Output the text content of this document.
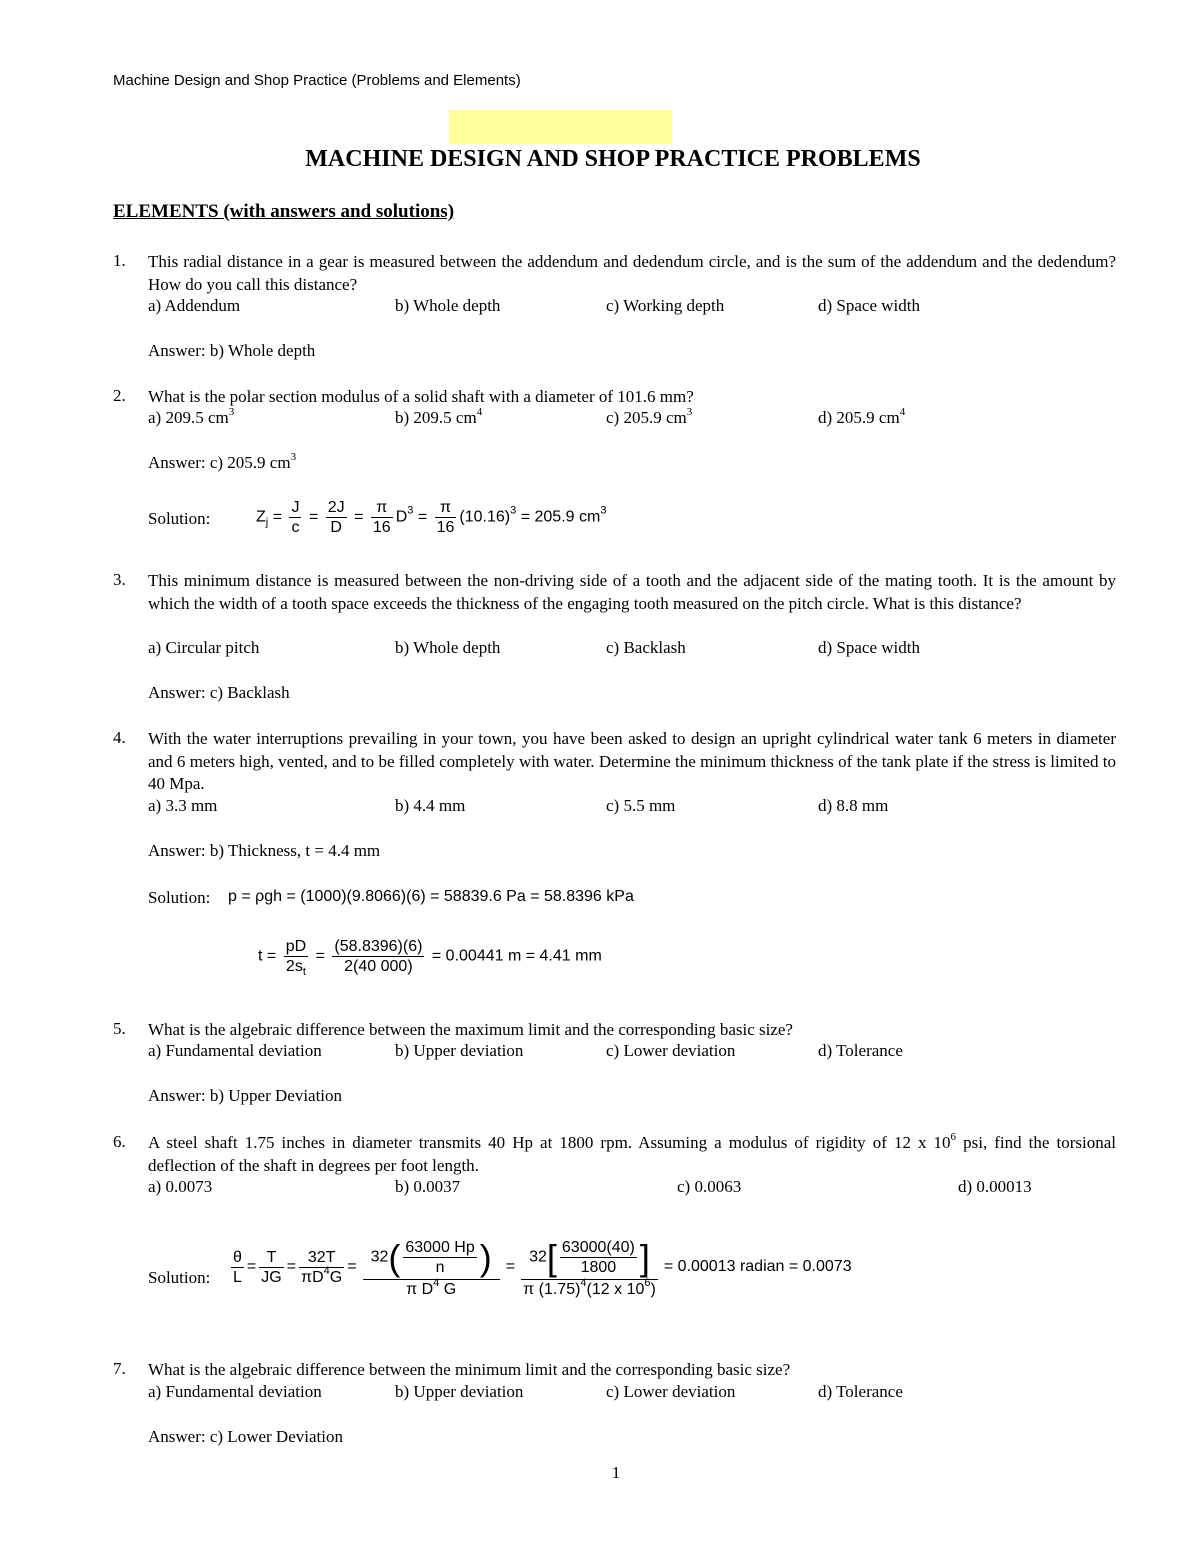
Machine Design and Shop Practice (Problems and Elements)
MACHINE DESIGN AND SHOP PRACTICE PROBLEMS
ELEMENTS (with answers and solutions)
1. This radial distance in a gear is measured between the addendum and dedendum circle, and is the sum of the addendum and the dedendum? How do you call this distance?
a) Addendum	b) Whole depth	c) Working depth	d) Space width
Answer: b) Whole depth
2. What is the polar section modulus of a solid shaft with a diameter of 101.6 mm?
a) 209.5 $cm^3$	b) 209.5 $cm^4$	c) 205.9 $cm^3$	d) 205.9 $cm^4$
Answer: c) 205.9 $cm^3$
Solution:	$Z_j = \frac{J}{c} = \frac{2J}{D} = \frac{\pi}{16} D^3 = \frac{\pi}{16} (10.16)^3 = 205.9$ $cm^3$
3. This minimum distance is measured between the non-driving side of a tooth and the adjacent side of the mating tooth. It is the amount by which the width of a tooth space exceeds the thickness of the engaging tooth measured on the pitch circle. What is this distance?
a) Circular pitch	b) Whole depth	c) Backlash	d) Space width
Answer: c) Backlash
4. With the water interruptions prevailing in your town, you have been asked to design an upright cylindrical water tank 6 meters in diameter and 6 meters high, vented, and to be filled completely with water. Determine the minimum thickness of the tank plate if the stress is limited to 40 Mpa.
a) 3.3 mm	b) 4.4 mm	c) 5.5 mm	d) 8.8 mm
Answer: b) Thickness, t = 4.4 mm
Solution: p = ρgh = (1000)(9.8066)(6) = 58839.6 Pa = 58.8396 kPa
$t = \frac{pD}{2s_t} = \frac{(58.8396)(6)}{2(40 000)} = 0.00441$ m = 4.41 mm
5. What is the algebraic difference between the maximum limit and the corresponding basic size?
a) Fundamental deviation	b) Upper deviation	c) Lower deviation	d) Tolerance
Answer: b) Upper Deviation
6. A steel shaft 1.75 inches in diameter transmits 40 Hp at 1800 rpm. Assuming a modulus of rigidity of 12 x $10^6$ psi, find the torsional deflection of the shaft in degrees per foot length.
a) 0.0073	b) 0.0037	c) 0.0063	d) 0.00013
Solution: $\frac{\theta}{L} = \frac{T}{JG} = \frac{32T}{\pi D^4G} = \frac{32( \frac{63000 Hp}{n} )}{\pi D^4 G} = \frac{32[ \frac{63000(40)}{1800} ]}{\pi (1.75)^4(12 x 10^6)} = 0.00013$ radian = 0.0073
7. What is the algebraic difference between the minimum limit and the corresponding basic size?
a) Fundamental deviation	b) Upper deviation	c) Lower deviation	d) Tolerance
Answer: c) Lower Deviation
1
